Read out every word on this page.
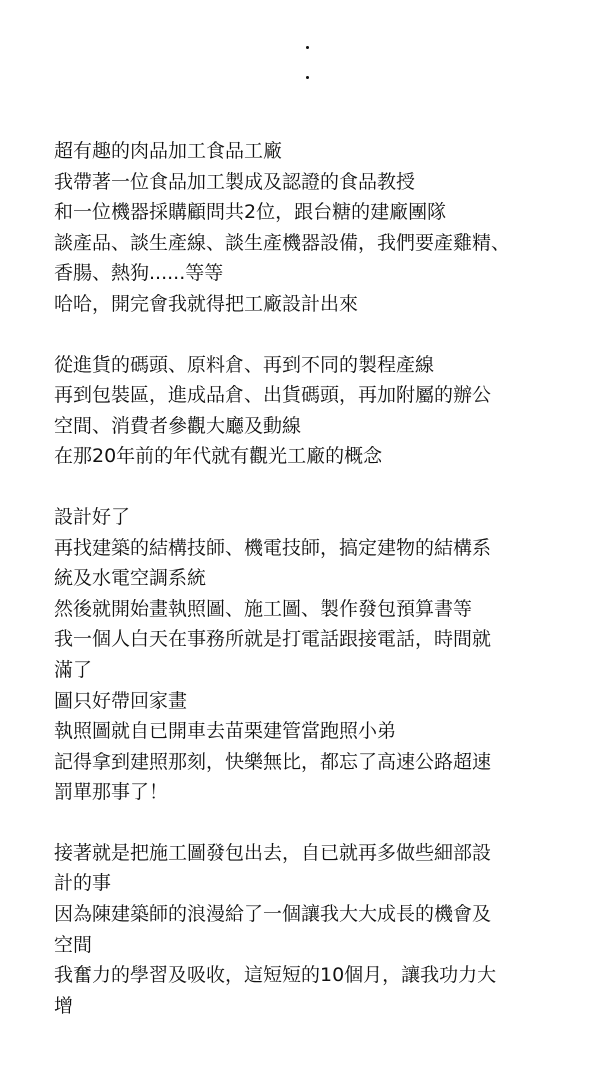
超有趣的肉品加工食品工廠
我帶著一位食品加工製成及認證的食品教授
和一位機器採購顧問共2位，跟台糖的建廠團隊
談產品、談生產線、談生產機器設備，我們要產雞精、
香腸、熱狗......等等
哈哈，開完會我就得把工廠設計出來
從進貨的碼頭、原料倉、再到不同的製程產線
再到包裝區，進成品倉、出貨碼頭，再加附屬的辦公
空間、消費者參觀大廳及動線
在那20年前的年代就有觀光工廠的概念
設計好了
再找建築的結構技師、機電技師，搞定建物的結構系
統及水電空調系統
然後就開始畫執照圖、施工圖、製作發包預算書等
我一個人白天在事務所就是打電話跟接電話，時間就
滿了
圖只好帶回家畫
執照圖就自已開車去苗栗建管當跑照小弟
記得拿到建照那刻，快樂無比，都忘了高速公路超速
罰單那事了！
接著就是把施工圖發包出去，自已就再多做些細部設
計的事
因為陳建築師的浪漫給了一個讓我大大成長的機會及
空間
我奮力的學習及吸收，這短短的10個月，讓我功力大
增
